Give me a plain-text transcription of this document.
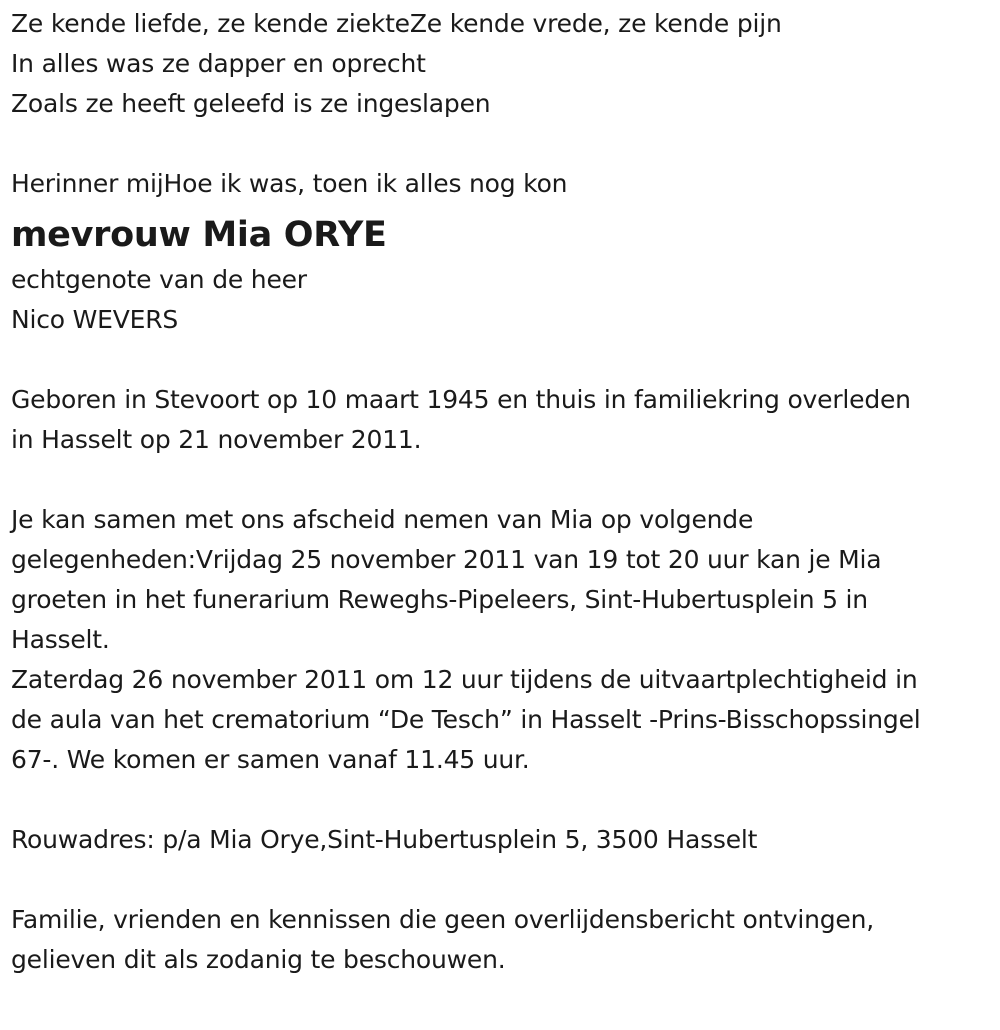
Ze kende liefde, ze kende ziekteZe kende vrede, ze kende pijn
In alles was ze dapper en oprecht
Zoals ze heeft geleefd is ze ingeslapen
Herinner mijHoe ik was, toen ik alles nog kon
mevrouw Mia ORYE
echtgenote van de heer
Nico WEVERS
Geboren in Stevoort op 10 maart 1945 en thuis in familiekring overleden
in Hasselt op 21 november 2011.
Je kan samen met ons afscheid nemen van Mia op volgende
gelegenheden:Vrijdag 25 november 2011 van 19 tot 20 uur kan je Mia
groeten in het funerarium Reweghs-Pipeleers, Sint-Hubertusplein 5 in
Hasselt.
Zaterdag 26 november 2011 om 12 uur tijdens de uitvaartplechtigheid in
de aula van het crematorium “De Tesch” in Hasselt -Prins-Bisschopssingel
67-. We komen er samen vanaf 11.45 uur.
Rouwadres: p/a Mia Orye,Sint-Hubertusplein 5, 3500 Hasselt
Familie, vrienden en kennissen die geen overlijdensbericht ontvingen,
gelieven dit als zodanig te beschouwen.
